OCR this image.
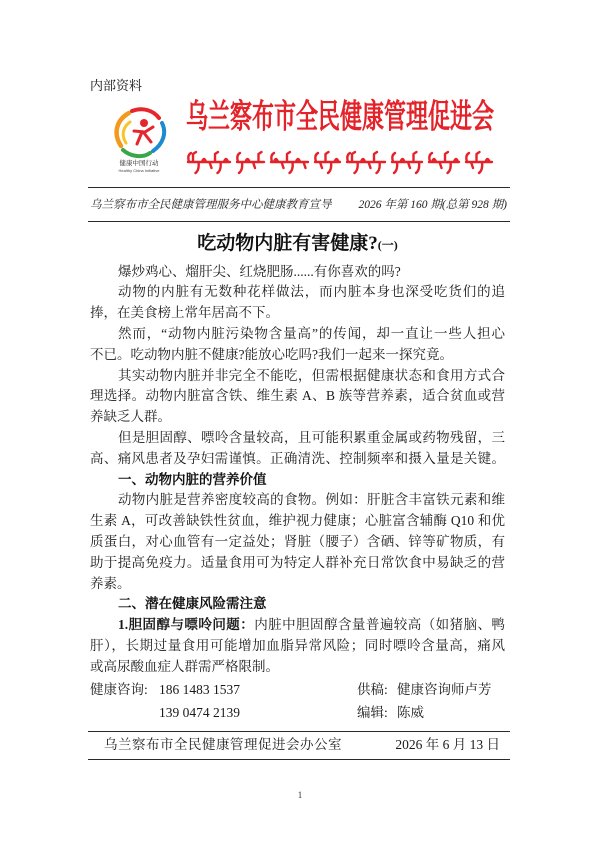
内部资料
健康中国行动
Healthy China Initiative
乌兰察布市全民健康管理促进会
乌兰察布市全民健康管理服务中心健康教育宣导 2026 年第 160 期(总第 928 期)
吃动物内脏有害健康?(一)
爆炒鸡心、熘肝尖、红烧肥肠......有你喜欢的吗?
动物的内脏有无数种花样做法，而内脏本身也深受吃货们的追
捧，在美食榜上常年居高不下。
然而，“动物内脏污染物含量高”的传闻，却一直让一些人担心
不已。吃动物内脏不健康?能放心吃吗?我们一起来一探究竟。
其实动物内脏并非完全不能吃，但需根据健康状态和食用方式合
理选择。动物内脏富含铁、维生素 A、B 族等营养素，适合贫血或营
养缺乏人群。
但是胆固醇、嘌呤含量较高，且可能积累重金属或药物残留，三
高、痛风患者及孕妇需谨慎。正确清洗、控制频率和摄入量是关键。
一、动物内脏的营养价值
动物内脏是营养密度较高的食物。例如：肝脏含丰富铁元素和维
生素 A，可改善缺铁性贫血，维护视力健康；心脏富含辅酶 Q10 和优
质蛋白，对心血管有一定益处；肾脏（腰子）含硒、锌等矿物质，有
助于提高免疫力。适量食用可为特定人群补充日常饮食中易缺乏的营
养素。
二、潜在健康风险需注意
1.胆固醇与嘌呤问题：内脏中胆固醇含量普遍较高（如猪脑、鸭
肝），长期过量食用可能增加血脂异常风险；同时嘌呤含量高，痛风
或高尿酸血症人群需严格限制。
健康咨询: 186 1483 1537
139 0474 2139
供稿: 健康咨询师卢芳
编辑: 陈威
乌兰察布市全民健康管理促进会办公室	2026 年 6 月 13 日
1
